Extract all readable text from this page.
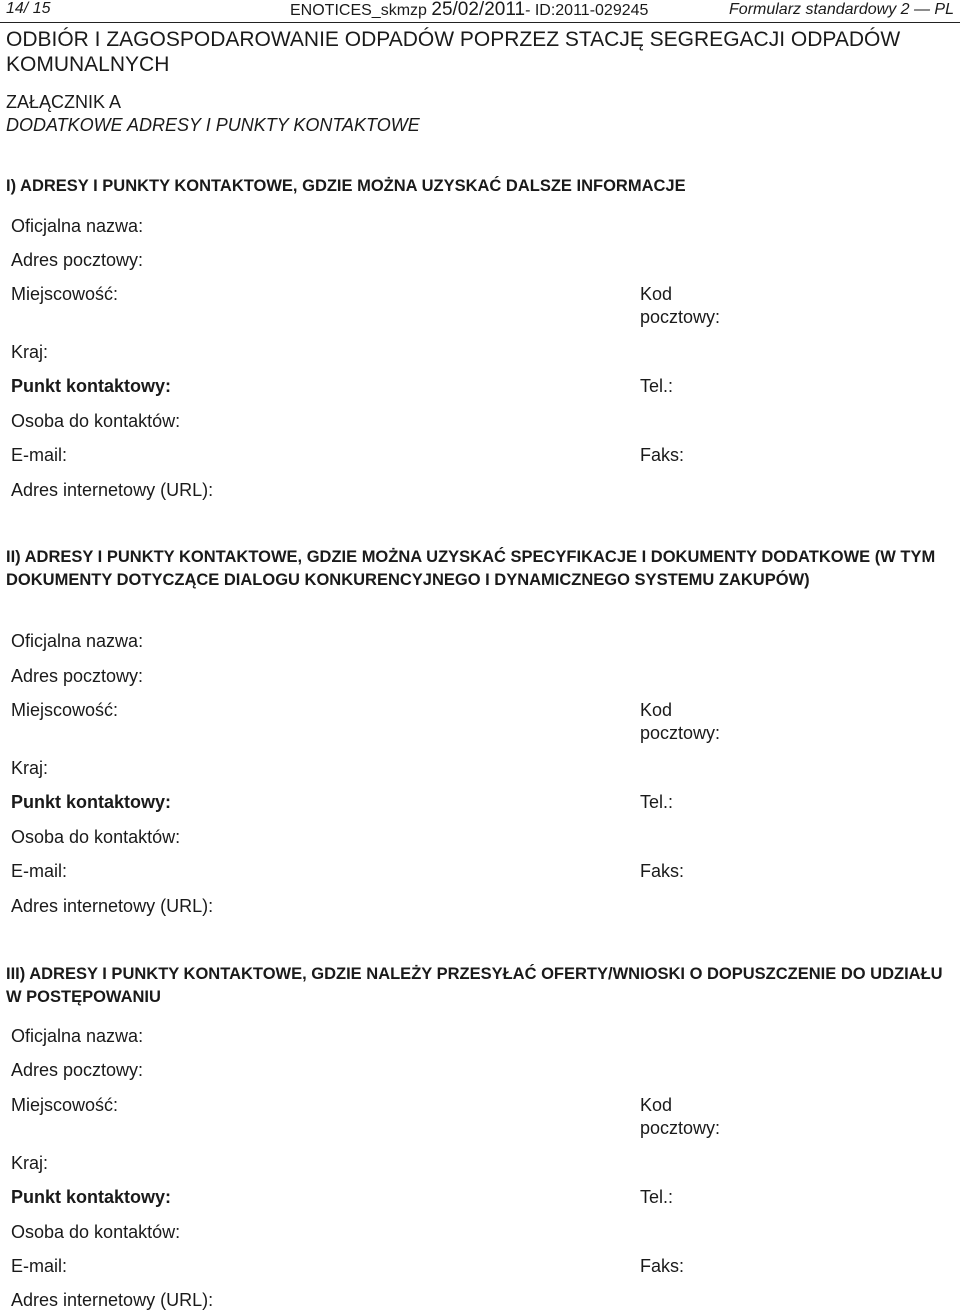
14/ 15	ENOTICES_skmzp 25/02/2011- ID:2011-029245	Formularz standardowy 2 — PL
ODBIÓR I ZAGOSPODAROWANIE ODPADÓW POPRZEZ STACJĘ SEGREGACJI ODPADÓW KOMUNALNYCH
ZAŁĄCZNIK A
DODATKOWE ADRESY I PUNKTY KONTAKTOWE
I) ADRESY I PUNKTY KONTAKTOWE, GDZIE MOŻNA UZYSKAĆ DALSZE INFORMACJE
Oficjalna nazwa:
Adres pocztowy:
Miejscowość:	Kod pocztowy:
Kraj:
Punkt kontaktowy:	Tel.:
Osoba do kontaktów:
E-mail:	Faks:
Adres internetowy (URL):
II) ADRESY I PUNKTY KONTAKTOWE, GDZIE MOŻNA UZYSKAĆ SPECYFIKACJE I DOKUMENTY DODATKOWE (W TYM DOKUMENTY DOTYCZĄCE DIALOGU KONKURENCYJNEGO I DYNAMICZNEGO SYSTEMU ZAKUPÓW)
Oficjalna nazwa:
Adres pocztowy:
Miejscowość:	Kod pocztowy:
Kraj:
Punkt kontaktowy:	Tel.:
Osoba do kontaktów:
E-mail:	Faks:
Adres internetowy (URL):
III) ADRESY I PUNKTY KONTAKTOWE, GDZIE NALEŻY PRZESYŁAĆ OFERTY/WNIOSKI O DOPUSZCZENIE DO UDZIAŁU W POSTĘPOWANIU
Oficjalna nazwa:
Adres pocztowy:
Miejscowość:	Kod pocztowy:
Kraj:
Punkt kontaktowy:	Tel.:
Osoba do kontaktów:
E-mail:	Faks:
Adres internetowy (URL):
